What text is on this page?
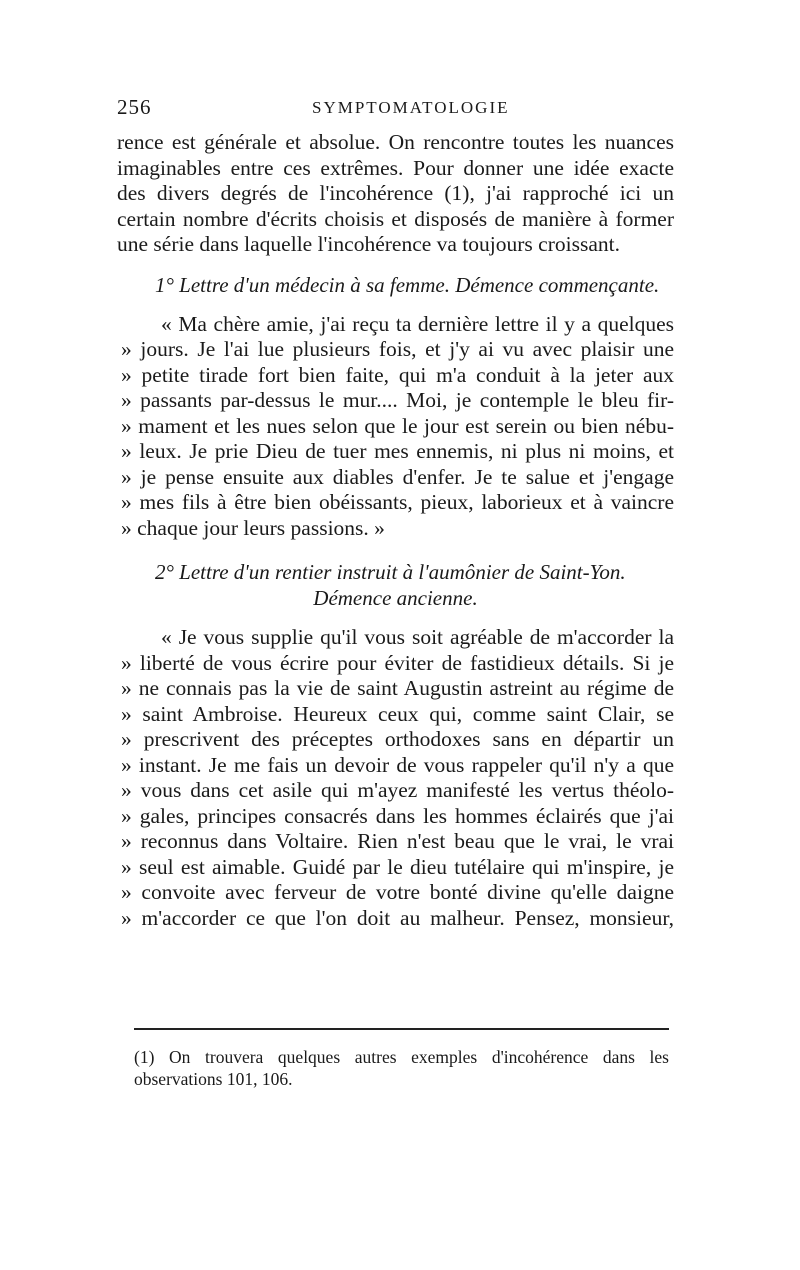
256	SYMPTOMATOLOGIE
rence est générale et absolue. On rencontre toutes les nuances
imaginables entre ces extrêmes. Pour donner une idée exacte
des divers degrés de l'incohérence (1), j'ai rapproché ici un
certain nombre d'écrits choisis et disposés de manière à former
une série dans laquelle l'incohérence va toujours croissant.
1° Lettre d'un médecin à sa femme. Démence commençante.
« Ma chère amie, j'ai reçu ta dernière lettre il y a quelques
» jours. Je l'ai lue plusieurs fois, et j'y ai vu avec plaisir une
» petite tirade fort bien faite, qui m'a conduit à la jeter aux
» passants par-dessus le mur.... Moi, je contemple le bleu fir-
» mament et les nues selon que le jour est serein ou bien nébu-
» leux. Je prie Dieu de tuer mes ennemis, ni plus ni moins, et
» je pense ensuite aux diables d'enfer. Je te salue et j'engage
» mes fils à être bien obéissants, pieux, laborieux et à vaincre
» chaque jour leurs passions. »
2° Lettre d'un rentier instruit à l'aumônier de Saint-Yon.
Démence ancienne.
« Je vous supplie qu'il vous soit agréable de m'accorder la
» liberté de vous écrire pour éviter de fastidieux détails. Si je
» ne connais pas la vie de saint Augustin astreint au régime de
» saint Ambroise. Heureux ceux qui, comme saint Clair, se
» prescrivent des préceptes orthodoxes sans en départir un
» instant. Je me fais un devoir de vous rappeler qu'il n'y a que
» vous dans cet asile qui m'ayez manifesté les vertus théolo-
» gales, principes consacrés dans les hommes éclairés que j'ai
» reconnus dans Voltaire. Rien n'est beau que le vrai, le vrai
» seul est aimable. Guidé par le dieu tutélaire qui m'inspire, je
» convoite avec ferveur de votre bonté divine qu'elle daigne
» m'accorder ce que l'on doit au malheur. Pensez, monsieur,
(1) On trouvera quelques autres exemples d'incohérence dans les
observations 101, 106.
